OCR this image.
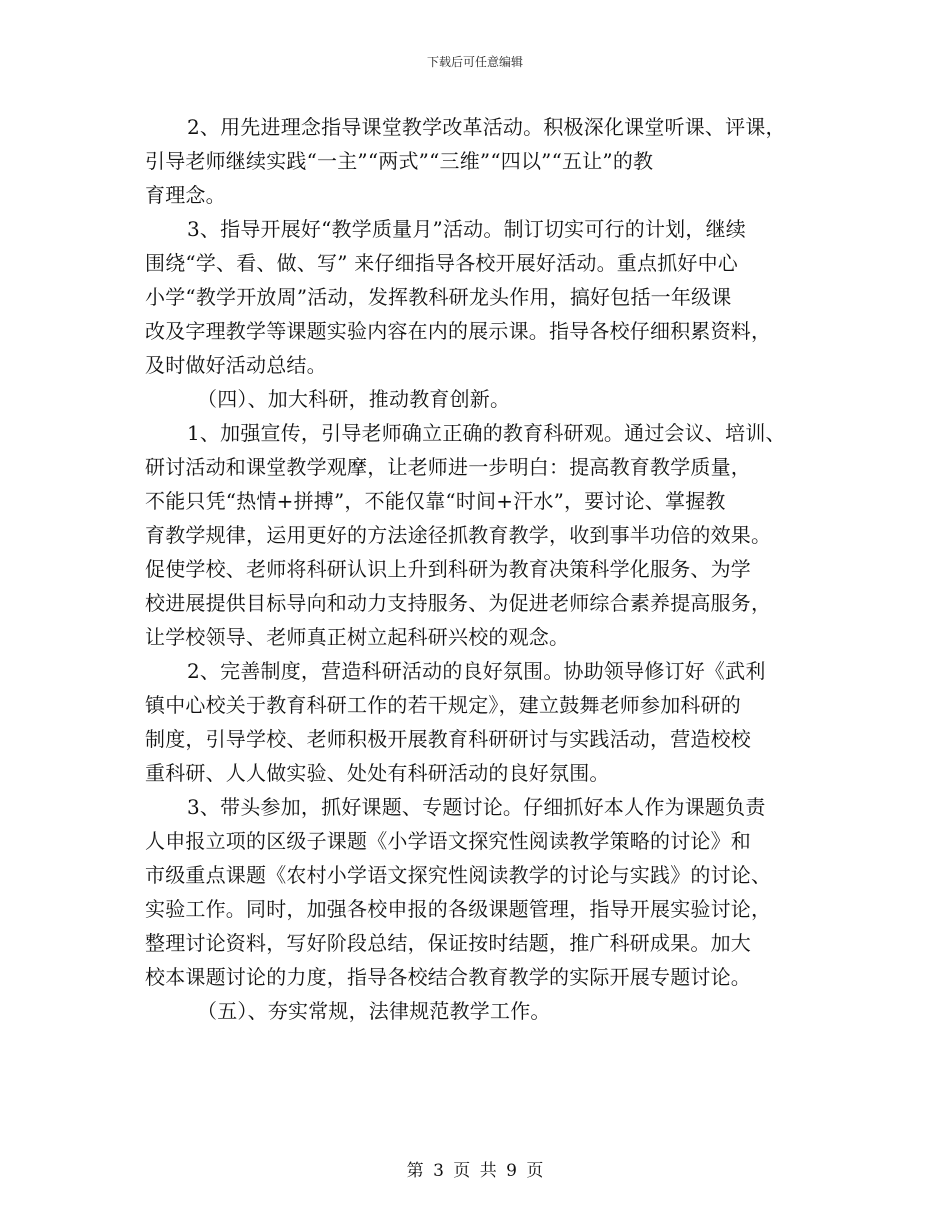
下载后可任意编辑
2、用先进理念指导课堂教学改革活动。积极深化课堂听课、评课，
引导老师继续实践“一主”“两式”“三维”“四以”“五让”的教
育理念。
3、指导开展好“教学质量月”活动。制订切实可行的计划，继续
围绕“学、看、做、写” 来仔细指导各校开展好活动。重点抓好中心
小学“教学开放周”活动，发挥教科研龙头作用，搞好包括一年级课
改及字理教学等课题实验内容在内的展示课。指导各校仔细积累资料，
及时做好活动总结。
（四）、加大科研，推动教育创新。
1、加强宣传，引导老师确立正确的教育科研观。通过会议、培训、
研讨活动和课堂教学观摩，让老师进一步明白：提高教育教学质量，
不能只凭“热情+拼搏”，不能仅靠“时间+汗水”，要讨论、掌握教
育教学规律，运用更好的方法途径抓教育教学，收到事半功倍的效果。
促使学校、老师将科研认识上升到科研为教育决策科学化服务、为学
校进展提供目标导向和动力支持服务、为促进老师综合素养提高服务，
让学校领导、老师真正树立起科研兴校的观念。
2、完善制度，营造科研活动的良好氛围。协助领导修订好《武利
镇中心校关于教育科研工作的若干规定》，建立鼓舞老师参加科研的
制度，引导学校、老师积极开展教育科研研讨与实践活动，营造校校
重科研、人人做实验、处处有科研活动的良好氛围。
3、带头参加，抓好课题、专题讨论。仔细抓好本人作为课题负责
人申报立项的区级子课题《小学语文探究性阅读教学策略的讨论》和
市级重点课题《农村小学语文探究性阅读教学的讨论与实践》的讨论、
实验工作。同时，加强各校申报的各级课题管理，指导开展实验讨论，
整理讨论资料，写好阶段总结，保证按时结题，推广科研成果。加大
校本课题讨论的力度，指导各校结合教育教学的实际开展专题讨论。
（五）、夯实常规，法律规范教学工作。
第 3 页 共 9 页
